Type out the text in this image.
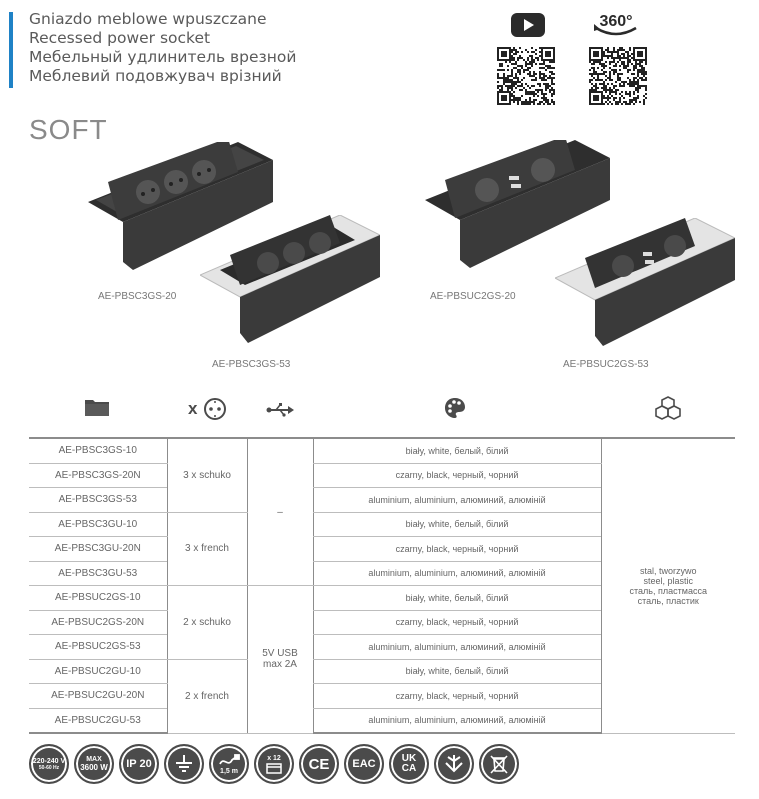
Gniazdo meblowe wpuszczane
Recessed power socket
Мебельный удлинитель врезной
Меблевий подовжувач врізний
SOFT
360°
AE-PBSC3GS-20
AE-PBSC3GS-53
AE-PBSUC2GS-20
AE-PBSUC2GS-53
x
AE-PBSC3GS-10	3 x schuko	–	biały, white, белый, білий	stal, tworzywo
steel, plastic
сталь, пластмасса
сталь, пластик

AE-PBSC3GS-20N			czarny, black, черный, чорний	
AE-PBSC3GS-53			aluminium, aluminium, алюминий, алюміній	
AE-PBSC3GU-10	3 x french		biały, white, белый, білий	
AE-PBSC3GU-20N			czarny, black, черный, чорний	
AE-PBSC3GU-53			aluminium, aluminium, алюминий, алюміній	
AE-PBSUC2GS-10	2 x schuko	5V USB
max 2A	biały, white, белый, білий	
AE-PBSUC2GS-20N			czarny, black, черный, чорний	
AE-PBSUC2GS-53			aluminium, aluminium, алюминий, алюміній	
AE-PBSUC2GU-10	2 x french		biały, white, белый, білий	
AE-PBSUC2GU-20N			czarny, black, черный, чорний	
AE-PBSUC2GU-53			aluminium, aluminium, алюминий, алюміній	
220-240 V
50-60 Hz
MAX
3600 W IP 20
1,5 m
x 12 CE EAC	UK
CA
